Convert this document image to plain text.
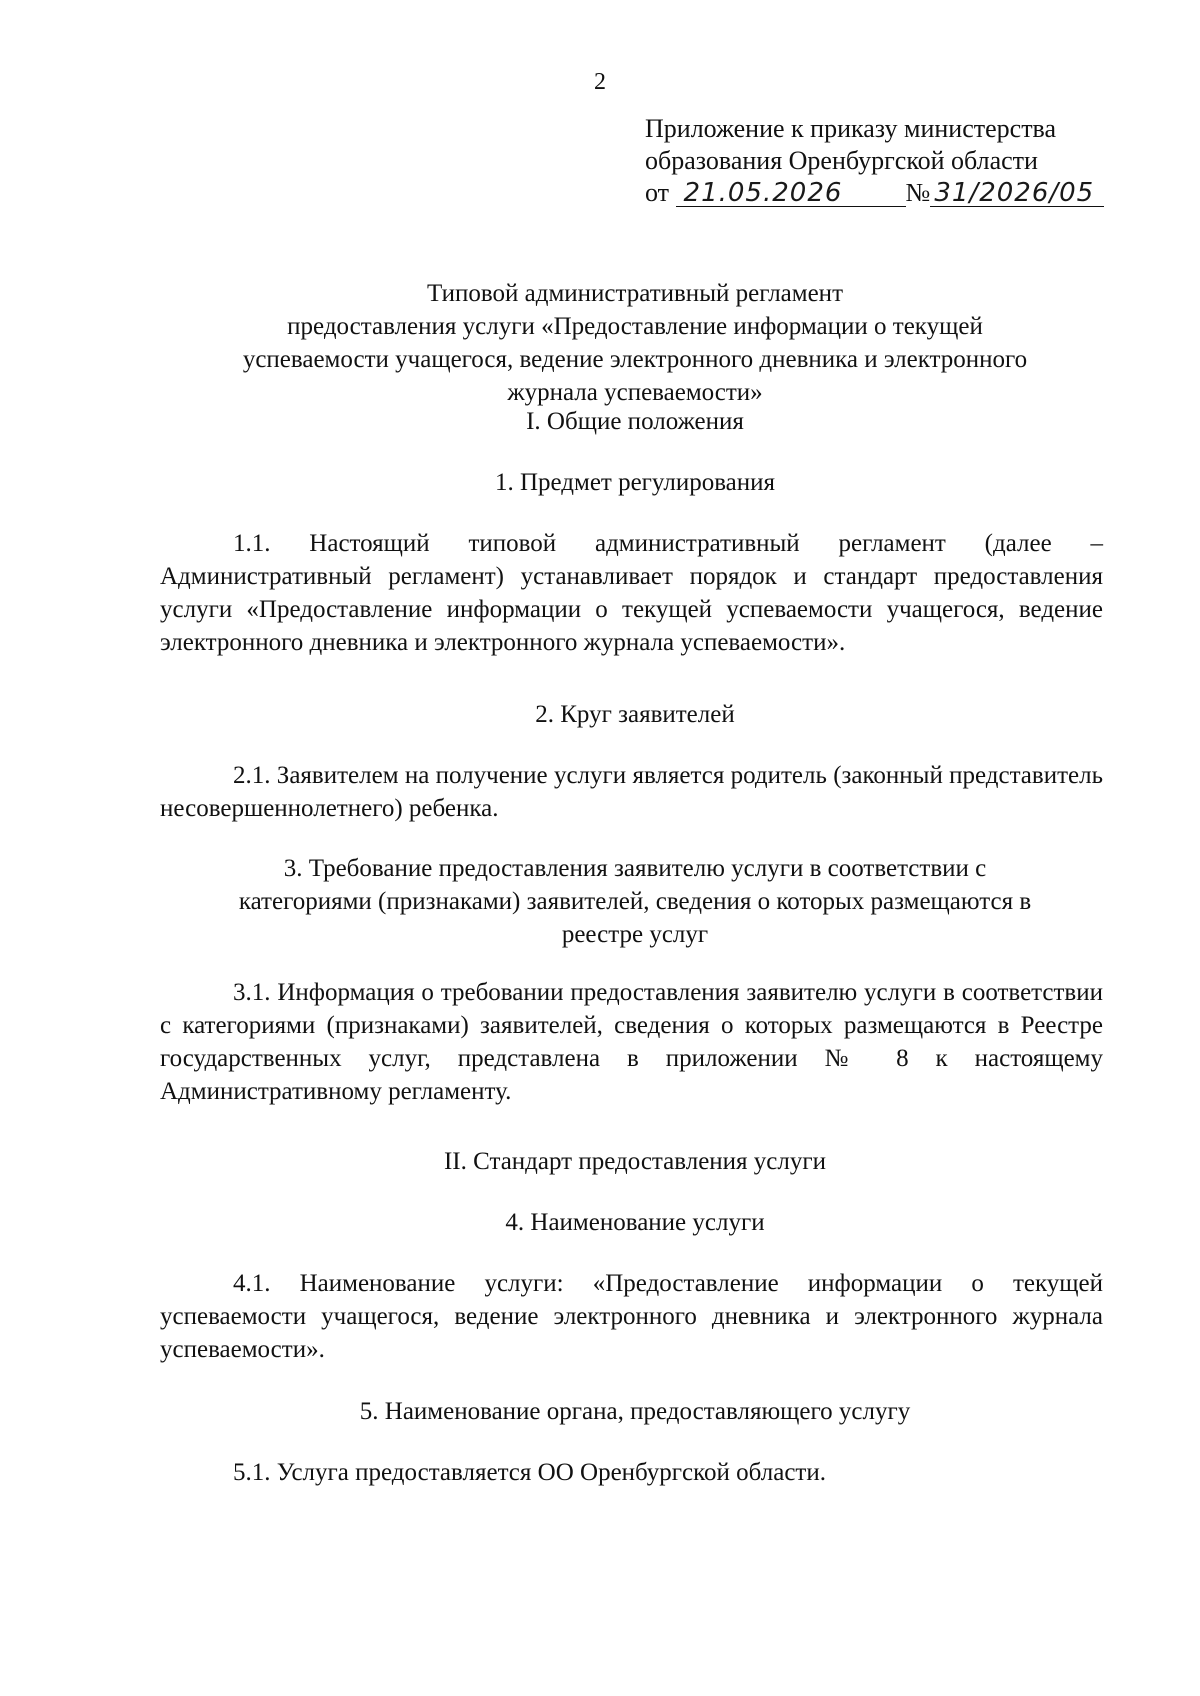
2
Приложение к приказу министерства
образования Оренбургской области
от 21.05.2026 № 31/2026/05
Типовой административный регламент
предоставления услуги «Предоставление информации о текущей
успеваемости учащегося, ведение электронного дневника и электронного
журнала успеваемости»
I. Общие положения
1. Предмет регулирования
1.1. Настоящий типовой административный регламент (далее – Административный регламент) устанавливает порядок и стандарт предоставления услуги «Предоставление информации о текущей успеваемости учащегося, ведение электронного дневника и электронного журнала успеваемости».
2. Круг заявителей
2.1. Заявителем на получение услуги является родитель (законный представитель несовершеннолетнего) ребенка.
3. Требование предоставления заявителю услуги в соответствии с
категориями (признаками) заявителей, сведения о которых размещаются в
реестре услуг
3.1. Информация о требовании предоставления заявителю услуги в соответствии с категориями (признаками) заявителей, сведения о которых размещаются в Реестре государственных услуг, представлена в приложении № 8 к настоящему Административному регламенту.
II. Стандарт предоставления услуги
4. Наименование услуги
4.1. Наименование услуги: «Предоставление информации о текущей успеваемости учащегося, ведение электронного дневника и электронного журнала успеваемости».
5. Наименование органа, предоставляющего услугу
5.1. Услуга предоставляется ОО Оренбургской области.
